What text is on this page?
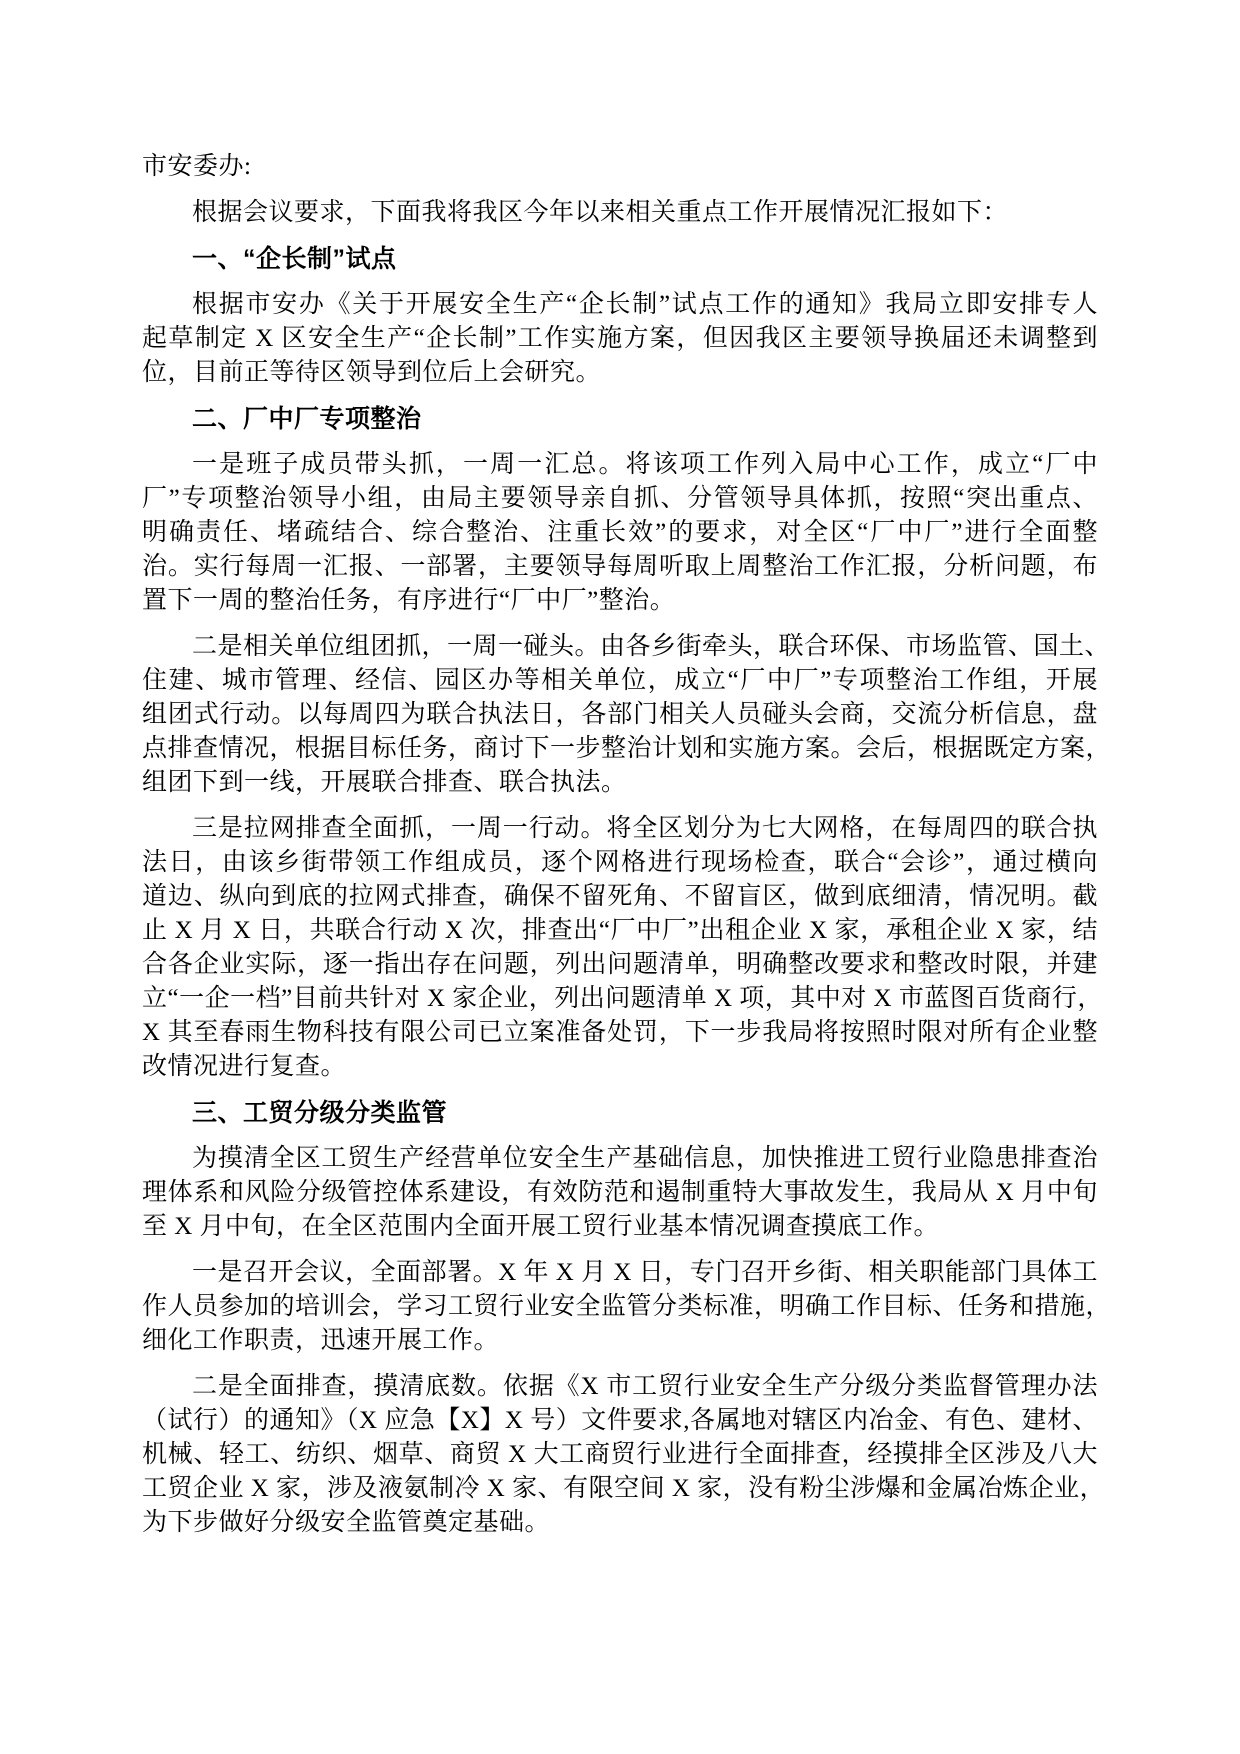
市安委办:
根据会议要求，下面我将我区今年以来相关重点工作开展情况汇报如下：
一、“企长制”试点
根据市安办《关于开展安全生产“企长制”试点工作的通知》我局立即安排专人
起草制定 X 区安全生产“企长制”工作实施方案，但因我区主要领导换届还未调整到
位，目前正等待区领导到位后上会研究。
二、厂中厂专项整治
一是班子成员带头抓，一周一汇总。将该项工作列入局中心工作，成立“厂中
厂”专项整治领导小组，由局主要领导亲自抓、分管领导具体抓，按照“突出重点、
明确责任、堵疏结合、综合整治、注重长效”的要求，对全区“厂中厂”进行全面整
治。实行每周一汇报、一部署，主要领导每周听取上周整治工作汇报，分析问题，布
置下一周的整治任务，有序进行“厂中厂”整治。
二是相关单位组团抓，一周一碰头。由各乡街牵头，联合环保、市场监管、国土、
住建、城市管理、经信、园区办等相关单位，成立“厂中厂”专项整治工作组，开展
组团式行动。以每周四为联合执法日，各部门相关人员碰头会商，交流分析信息，盘
点排查情况，根据目标任务，商讨下一步整治计划和实施方案。会后，根据既定方案，
组团下到一线，开展联合排查、联合执法。
三是拉网排查全面抓，一周一行动。将全区划分为七大网格，在每周四的联合执
法日，由该乡街带领工作组成员，逐个网格进行现场检查，联合“会诊”，通过横向
道边、纵向到底的拉网式排查，确保不留死角、不留盲区，做到底细清，情况明。截
止 X 月 X 日，共联合行动 X 次，排查出“厂中厂”出租企业 X 家，承租企业 X 家，结
合各企业实际，逐一指出存在问题，列出问题清单，明确整改要求和整改时限，并建
立“一企一档”目前共针对 X 家企业，列出问题清单 X 项，其中对 X 市蓝图百货商行，
X 其至春雨生物科技有限公司已立案准备处罚，下一步我局将按照时限对所有企业整
改情况进行复查。
三、工贸分级分类监管
为摸清全区工贸生产经营单位安全生产基础信息，加快推进工贸行业隐患排查治
理体系和风险分级管控体系建设，有效防范和遏制重特大事故发生，我局从 X 月中旬
至 X 月中旬，在全区范围内全面开展工贸行业基本情况调查摸底工作。
一是召开会议，全面部署。X 年 X 月 X 日，专门召开乡街、相关职能部门具体工
作人员参加的培训会，学习工贸行业安全监管分类标准，明确工作目标、任务和措施，
细化工作职责，迅速开展工作。
二是全面排查，摸清底数。依据《X 市工贸行业安全生产分级分类监督管理办法
（试行）的通知》（X 应急【X】X 号）文件要求,各属地对辖区内冶金、有色、建材、
机械、轻工、纺织、烟草、商贸 X 大工商贸行业进行全面排查，经摸排全区涉及八大
工贸企业 X 家，涉及液氨制冷 X 家、有限空间 X 家，没有粉尘涉爆和金属冶炼企业，
为下步做好分级安全监管奠定基础。
